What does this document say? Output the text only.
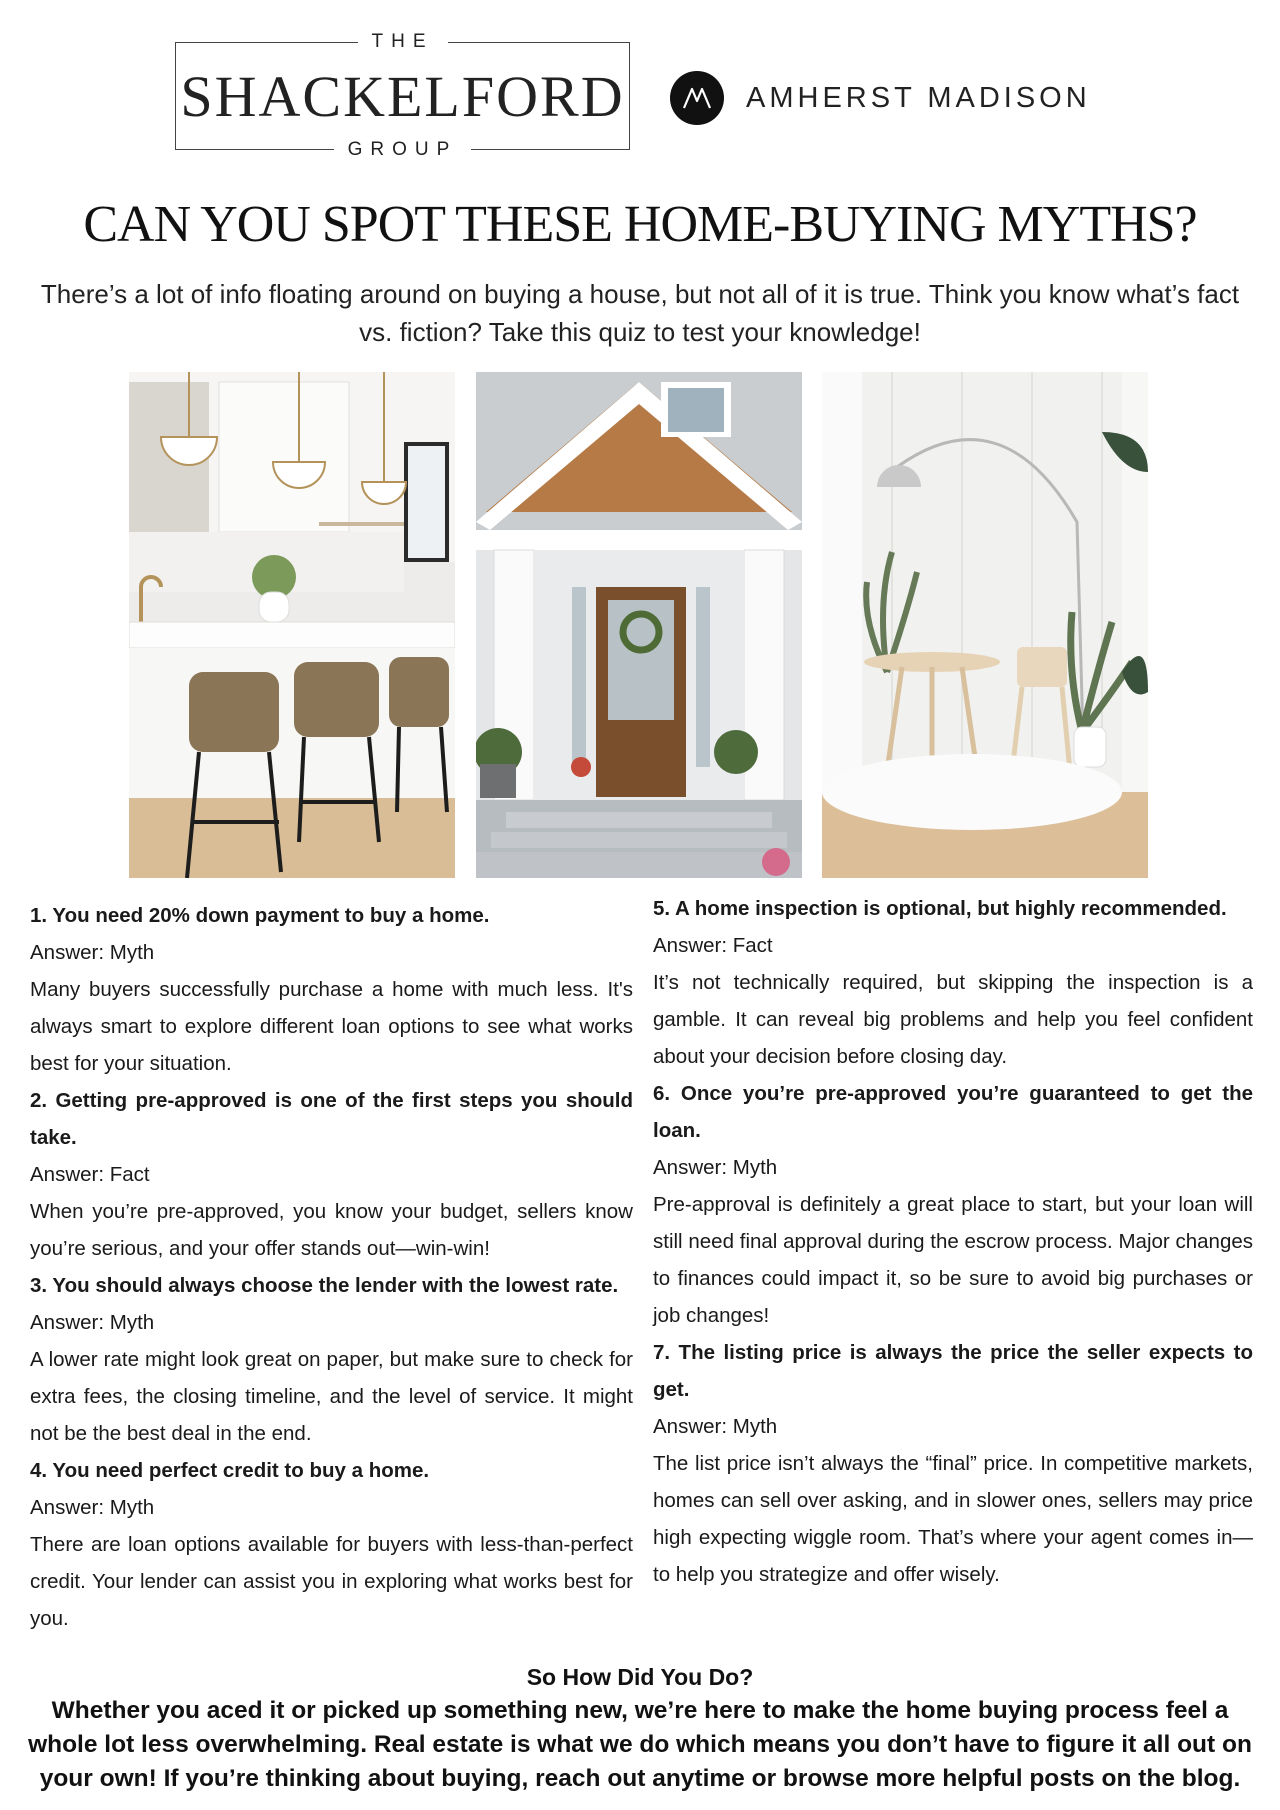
THE
SHACKELFORD
GROUP
AMHERST MADISON
CAN YOU SPOT THESE HOME-BUYING MYTHS?
There’s a lot of info floating around on buying a house, but not all of it is true. Think you know what’s fact vs. fiction? Take this quiz to test your knowledge!

1. You need 20% down payment to buy a home.

Answer: Myth

Many buyers successfully purchase a home with much less. It's always smart to explore different loan options to see what works best for your situation.

2. Getting pre-approved is one of the first steps you should take.

Answer: Fact

When you’re pre-approved, you know your budget, sellers know you’re serious, and your offer stands out—win-win!

3. You should always choose the lender with the lowest rate.

Answer: Myth

A lower rate might look great on paper, but make sure to check for extra fees, the closing timeline, and the level of service. It might not be the best deal in the end.

4. You need perfect credit to buy a home.

Answer: Myth

There are loan options available for buyers with less-than-perfect credit. Your lender can assist you in exploring what works best for you.

5. A home inspection is optional, but highly recommended.

Answer: Fact

It’s not technically required, but skipping the inspection is a gamble. It can reveal big problems and help you feel confident about your decision before closing day.

6. Once you’re pre-approved you’re guaranteed to get the loan.

Answer: Myth

Pre-approval is definitely a great place to start, but your loan will still need final approval during the escrow process. Major changes to finances could impact it, so be sure to avoid big purchases or job changes!

7. The listing price is always the price the seller expects to get.

Answer: Myth

The list price isn’t always the “final” price. In competitive markets, homes can sell over asking, and in slower ones, sellers may price high expecting wiggle room. That’s where your agent comes in—to help you strategize and offer wisely.

So How Did You Do?
Whether you aced it or picked up something new, we’re here to make the home buying process feel a whole lot less overwhelming. Real estate is what we do which means you don’t have to figure it all out on your own! If you’re thinking about buying, reach out anytime or browse more helpful posts on the blog.
